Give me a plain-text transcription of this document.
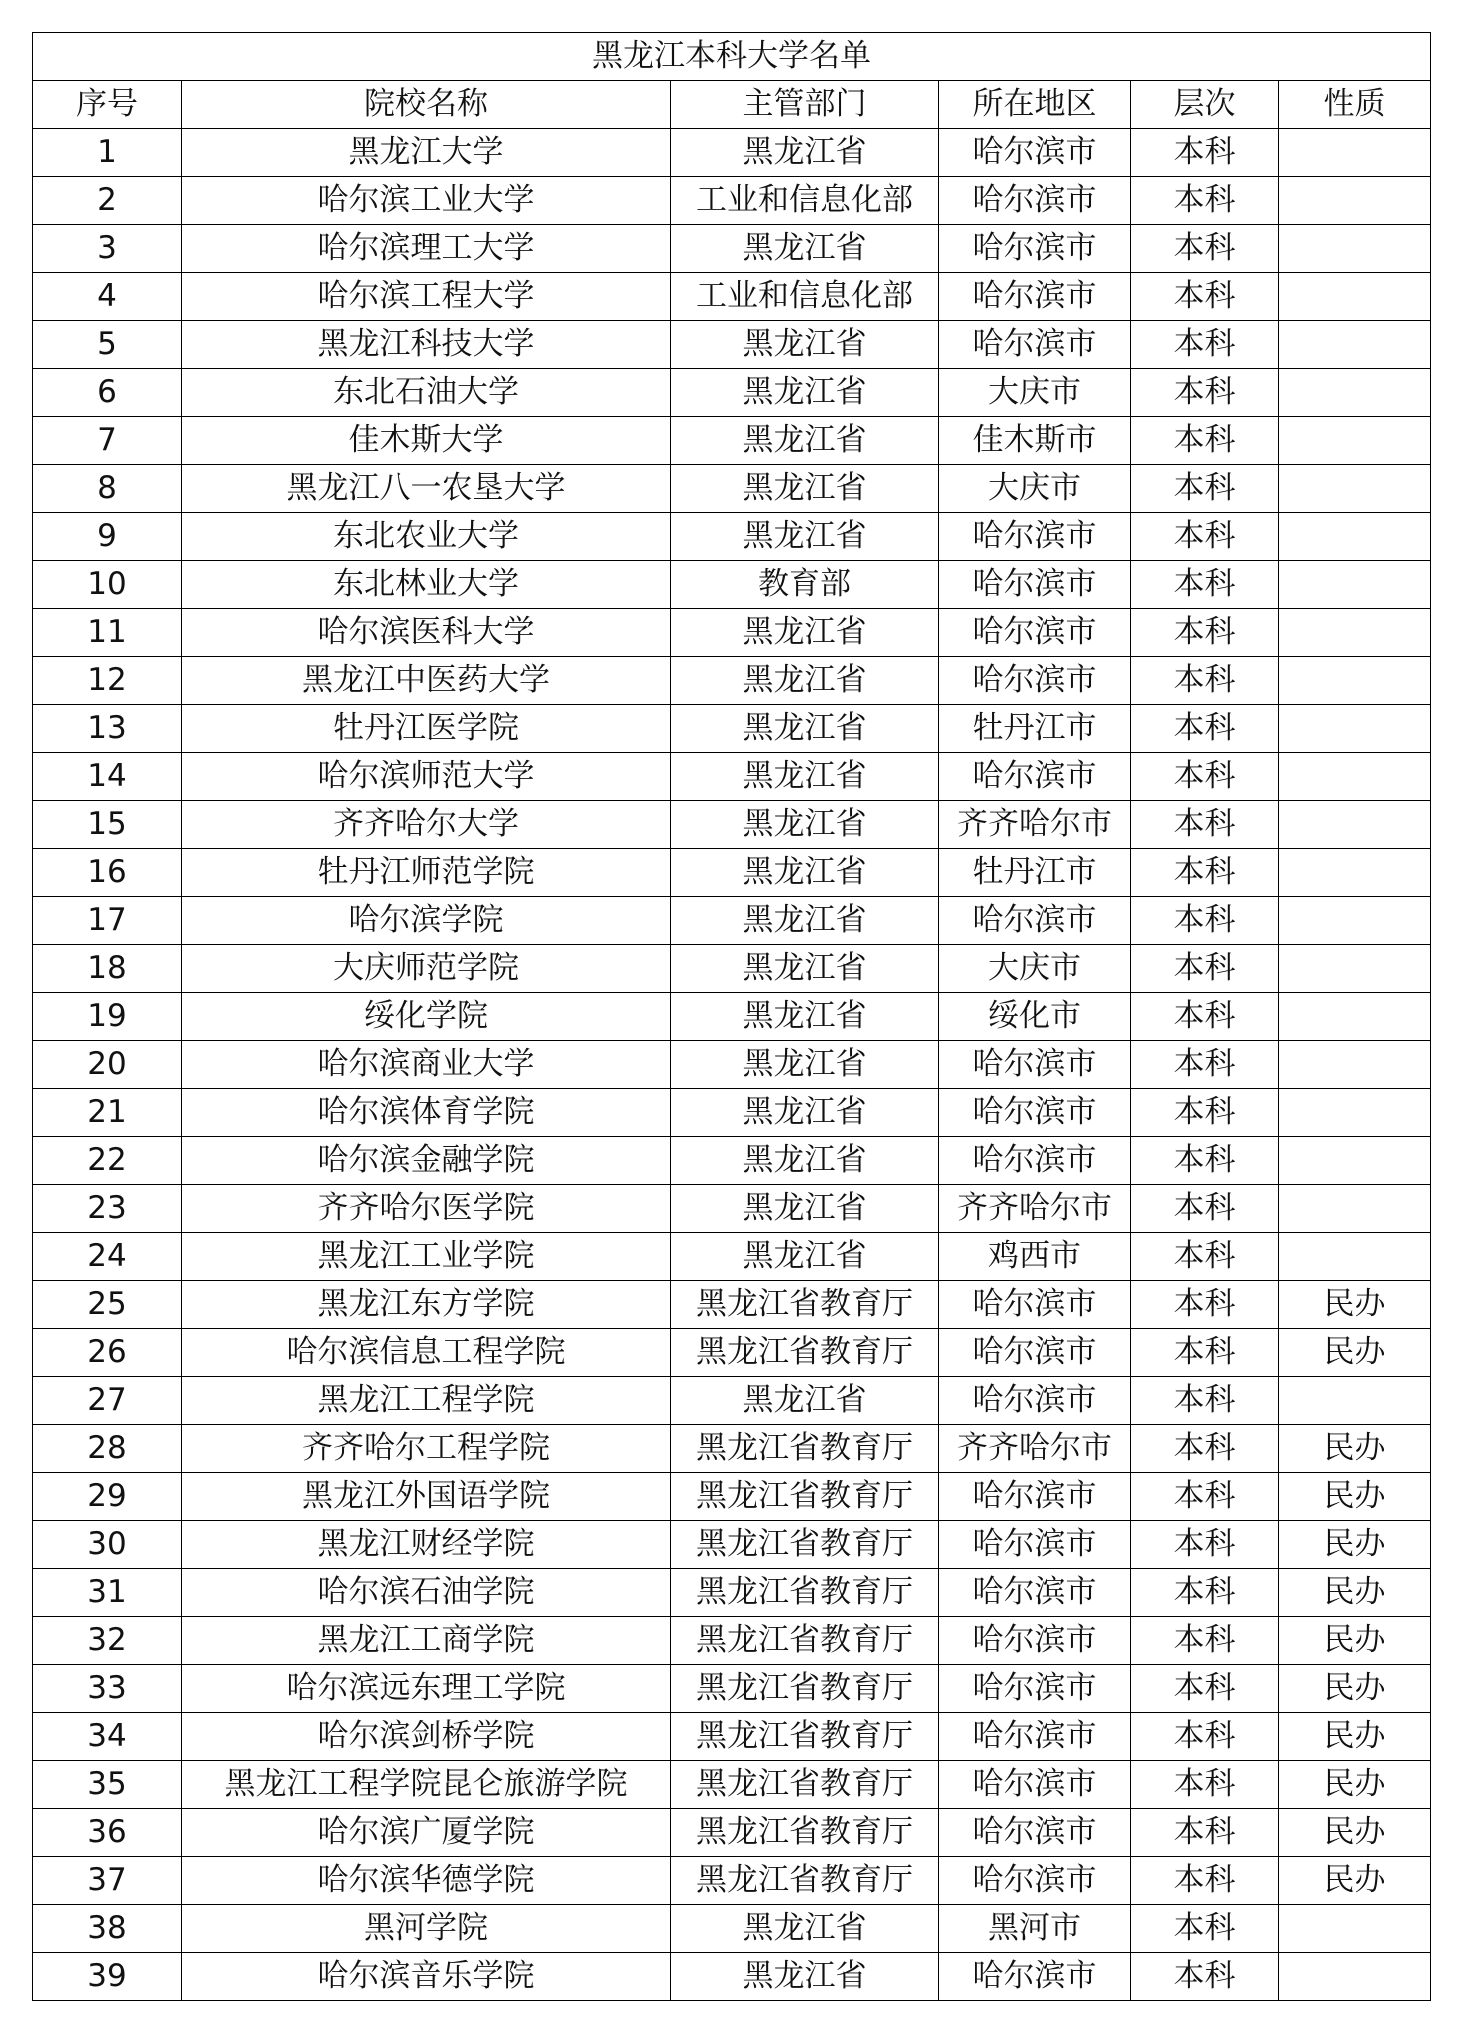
黑龙江本科大学名单					
序号	院校名称	主管部门	所在地区	层次	性质
1	黑龙江大学	黑龙江省	哈尔滨市	本科	
2	哈尔滨工业大学	工业和信息化部	哈尔滨市	本科	
3	哈尔滨理工大学	黑龙江省	哈尔滨市	本科	
4	哈尔滨工程大学	工业和信息化部	哈尔滨市	本科	
5	黑龙江科技大学	黑龙江省	哈尔滨市	本科	
6	东北石油大学	黑龙江省	大庆市	本科	
7	佳木斯大学	黑龙江省	佳木斯市	本科	
8	黑龙江八一农垦大学	黑龙江省	大庆市	本科	
9	东北农业大学	黑龙江省	哈尔滨市	本科	
10	东北林业大学	教育部	哈尔滨市	本科	
11	哈尔滨医科大学	黑龙江省	哈尔滨市	本科	
12	黑龙江中医药大学	黑龙江省	哈尔滨市	本科	
13	牡丹江医学院	黑龙江省	牡丹江市	本科	
14	哈尔滨师范大学	黑龙江省	哈尔滨市	本科	
15	齐齐哈尔大学	黑龙江省	齐齐哈尔市	本科	
16	牡丹江师范学院	黑龙江省	牡丹江市	本科	
17	哈尔滨学院	黑龙江省	哈尔滨市	本科	
18	大庆师范学院	黑龙江省	大庆市	本科	
19	绥化学院	黑龙江省	绥化市	本科	
20	哈尔滨商业大学	黑龙江省	哈尔滨市	本科	
21	哈尔滨体育学院	黑龙江省	哈尔滨市	本科	
22	哈尔滨金融学院	黑龙江省	哈尔滨市	本科	
23	齐齐哈尔医学院	黑龙江省	齐齐哈尔市	本科	
24	黑龙江工业学院	黑龙江省	鸡西市	本科	
25	黑龙江东方学院	黑龙江省教育厅	哈尔滨市	本科	民办
26	哈尔滨信息工程学院	黑龙江省教育厅	哈尔滨市	本科	民办
27	黑龙江工程学院	黑龙江省	哈尔滨市	本科	
28	齐齐哈尔工程学院	黑龙江省教育厅	齐齐哈尔市	本科	民办
29	黑龙江外国语学院	黑龙江省教育厅	哈尔滨市	本科	民办
30	黑龙江财经学院	黑龙江省教育厅	哈尔滨市	本科	民办
31	哈尔滨石油学院	黑龙江省教育厅	哈尔滨市	本科	民办
32	黑龙江工商学院	黑龙江省教育厅	哈尔滨市	本科	民办
33	哈尔滨远东理工学院	黑龙江省教育厅	哈尔滨市	本科	民办
34	哈尔滨剑桥学院	黑龙江省教育厅	哈尔滨市	本科	民办
35	黑龙江工程学院昆仑旅游学院	黑龙江省教育厅	哈尔滨市	本科	民办
36	哈尔滨广厦学院	黑龙江省教育厅	哈尔滨市	本科	民办
37	哈尔滨华德学院	黑龙江省教育厅	哈尔滨市	本科	民办
38	黑河学院	黑龙江省	黑河市	本科	
39	哈尔滨音乐学院	黑龙江省	哈尔滨市	本科	
